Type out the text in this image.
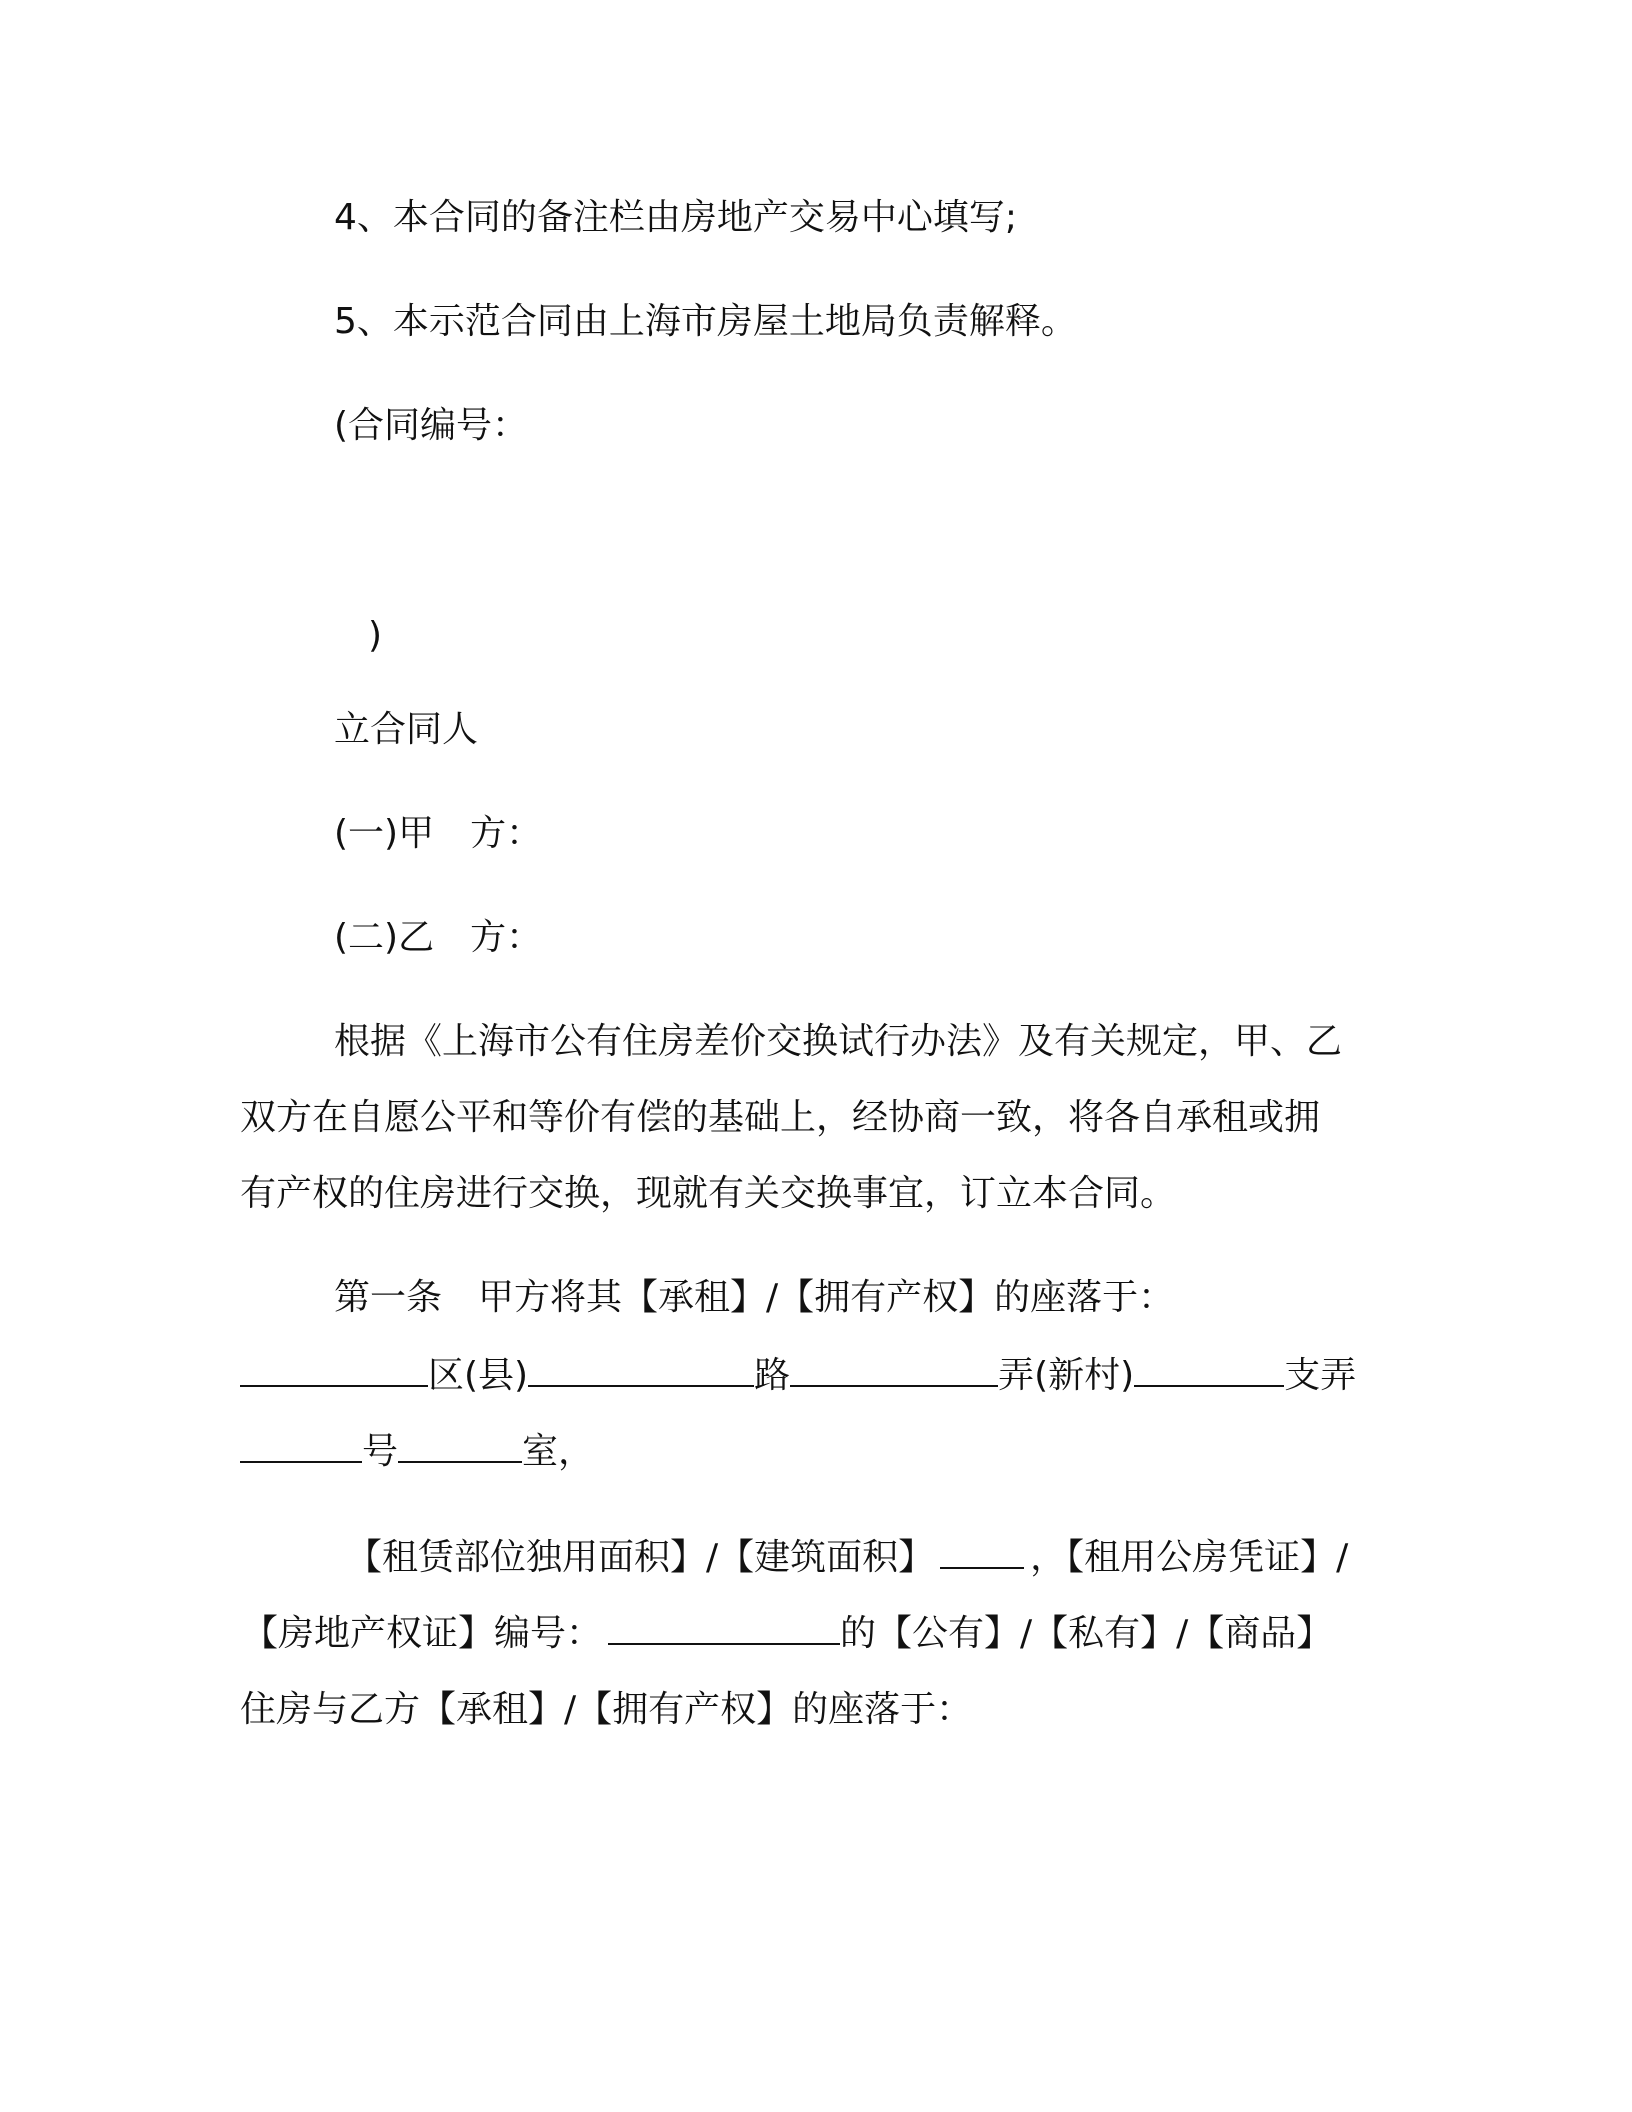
4、本合同的备注栏由房地产交易中心填写;
5、本示范合同由上海市房屋土地局负责解释。
(合同编号：
)
立合同人
(一)甲　方：
(二)乙　方：
根据《上海市公有住房差价交换试行办法》及有关规定，甲、乙
双方在自愿公平和等价有偿的基础上，经协商一致，将各自承租或拥
有产权的住房进行交换，现就有关交换事宜，订立本合同。
第一条　甲方将其【承租】/【拥有产权】的座落于：
区(县)	路	弄(新村)	支弄
号	室，
【租赁部位独用面积】/【建筑面积】	，【租用公房凭证】/
【房地产权证】编号：	的【公有】/【私有】/【商品】
住房与乙方【承租】/【拥有产权】的座落于：
